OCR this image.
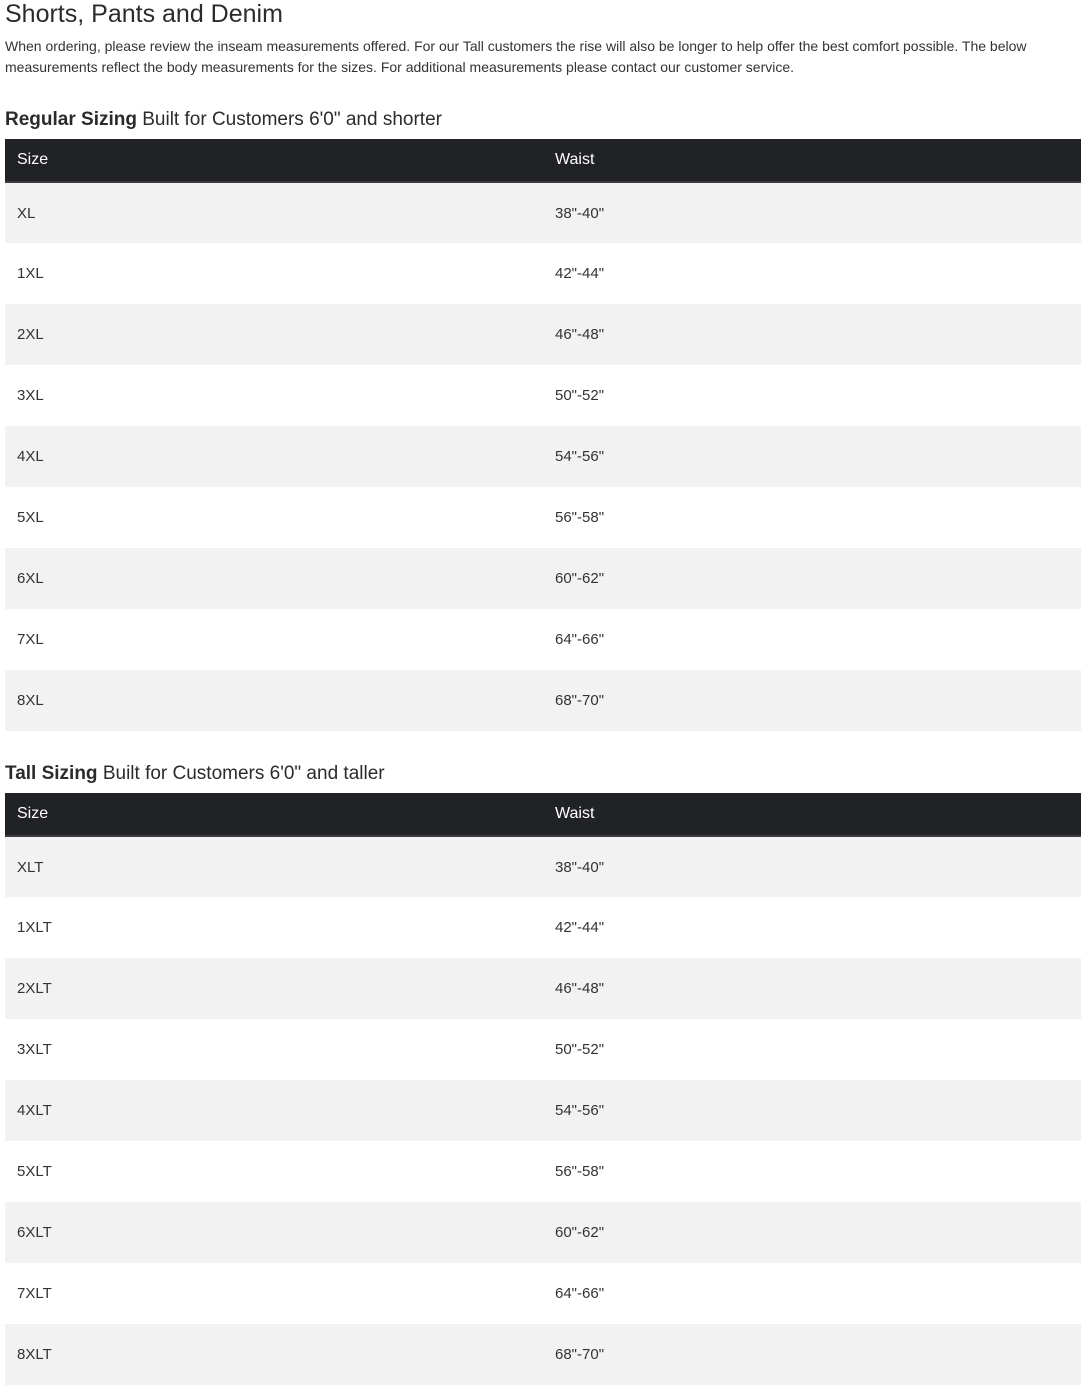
Shorts, Pants and Denim

When ordering, please review the inseam measurements offered. For our Tall customers the rise will also be longer to help offer the best comfort possible. The below measurements reflect the body measurements for the sizes. For additional measurements please contact our customer service.

Regular Sizing Built for Customers 6'0" and shorter
Size	Waist
XL	38"-40"
1XL	42"-44"
2XL	46"-48"
3XL	50"-52"
4XL	54"-56"
5XL	56"-58"
6XL	60"-62"
7XL	64"-66"
8XL	68"-70"
Tall Sizing Built for Customers 6'0" and taller
Size	Waist
XLT	38"-40"
1XLT	42"-44"
2XLT	46"-48"
3XLT	50"-52"
4XLT	54"-56"
5XLT	56"-58"
6XLT	60"-62"
7XLT	64"-66"
8XLT	68"-70"
